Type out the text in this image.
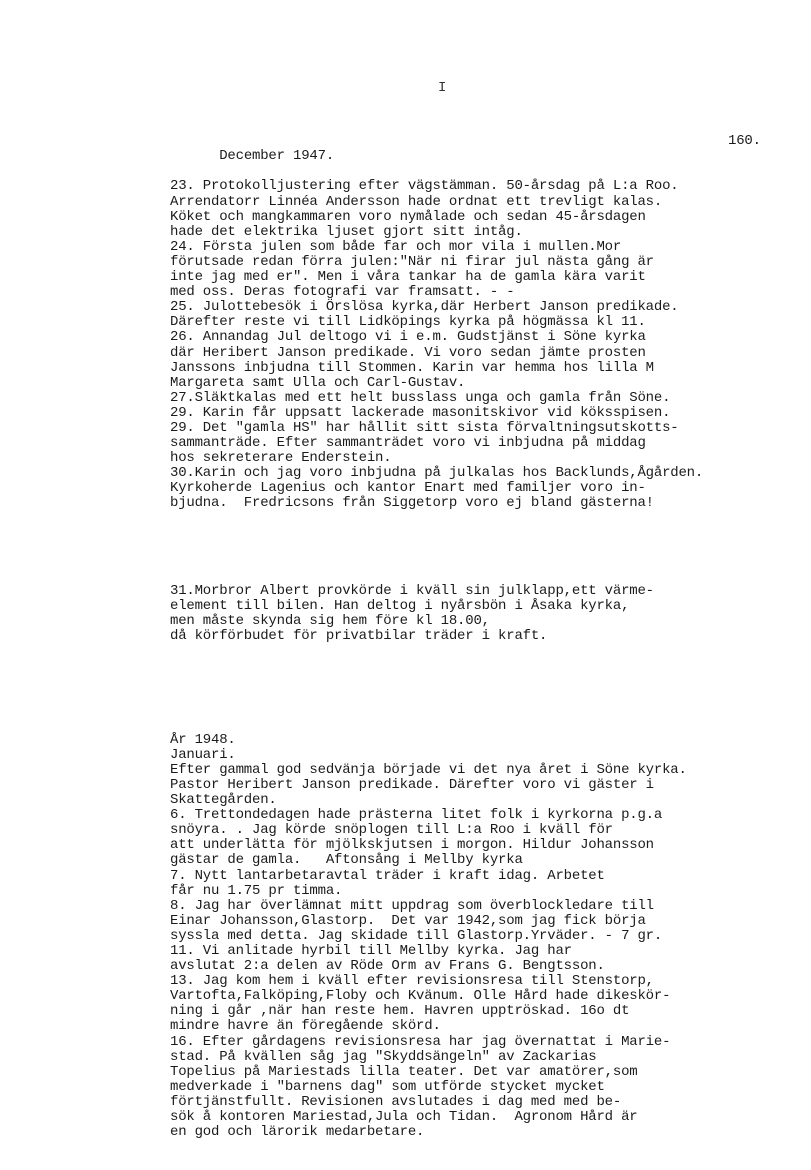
I

December 1947.

160.

23. Protokolljustering efter vägstämman. 50-årsdag på L:a Roo.
Arrendatorr Linnéa Andersson hade ordnat ett trevligt kalas.
Köket och mangkammaren voro nymålade och sedan 45-årsdagen
hade det elektrika ljuset gjort sitt intåg.
24. Första julen som både far och mor vila i mullen.Mor
förutsade redan förra julen:"När ni firar jul nästa gång är
inte jag med er". Men i våra tankar ha de gamla kära varit
med oss. Deras fotografi var framsatt. - -
25. Julottebesök i Örslösa kyrka,där Herbert Janson predikade.
Därefter reste vi till Lidköpings kyrka på högmässa kl 11.
26. Annandag Jul deltogo vi i e.m. Gudstjänst i Söne kyrka
där Heribert Janson predikade. Vi voro sedan jämte prosten
Janssons inbjudna till Stommen. Karin var hemma hos lilla M
Margareta samt Ulla och Carl-Gustav.
27.Släktkalas med ett helt busslass unga och gamla från Söne.
29. Karin får uppsatt lackerade masonitskivor vid köksspisen.
29. Det "gamla HS" har hållit sitt sista förvaltningsutskotts-
sammanträde. Efter sammanträdet voro vi inbjudna på middag
hos sekreterare Enderstein.
30.Karin och jag voro inbjudna på julkalas hos Backlunds,Ågården.
Kyrkoherde Lagenius och kantor Enart med familjer voro in-
bjudna.  Fredricsons från Siggetorp voro ej bland gästerna!

31.Morbror Albert provkörde i kväll sin julklapp,ett värme-
element till bilen. Han deltog i nyårsbön i Åsaka kyrka,
men måste skynda sig hem före kl 18.00,
då körförbudet för privatbilar träder i kraft.

År 1948.
Januari.
Efter gammal god sedvänja började vi det nya året i Söne kyrka.
Pastor Heribert Janson predikade. Därefter voro vi gäster i
Skattegården.
6. Trettondedagen hade prästerna litet folk i kyrkorna p.g.a
snöyra. . Jag körde snöplogen till L:a Roo i kväll för
att underlätta för mjölkskjutsen i morgon. Hildur Johansson
gästar de gamla.   Aftonsång i Mellby kyrka
7. Nytt lantarbetaravtal träder i kraft idag. Arbetet
får nu 1.75 pr timma.
8. Jag har överlämnat mitt uppdrag som överblockledare till
Einar Johansson,Glastorp.  Det var 1942,som jag fick börja
syssla med detta. Jag skidade till Glastorp.Yrväder. - 7 gr.
11. Vi anlitade hyrbil till Mellby kyrka. Jag har
avslutat 2:a delen av Röde Orm av Frans G. Bengtsson.
13. Jag kom hem i kväll efter revisionsresa till Stenstorp,
Vartofta,Falköping,Floby och Kvänum. Olle Hård hade dikeskör-
ning i går ,när han reste hem. Havren upptröskad. 16o dt
mindre havre än föregående skörd.
16. Efter gårdagens revisionsresa har jag övernattat i Marie-
stad. På kvällen såg jag "Skyddsängeln" av Zackarias
Topelius på Mariestads lilla teater. Det var amatörer,som
medverkade i "barnens dag" som utförde stycket mycket
förtjänstfullt. Revisionen avslutades i dag med med be-
sök å kontoren Mariestad,Jula och Tidan.  Agronom Hård är
en god och lärorik medarbetare.
